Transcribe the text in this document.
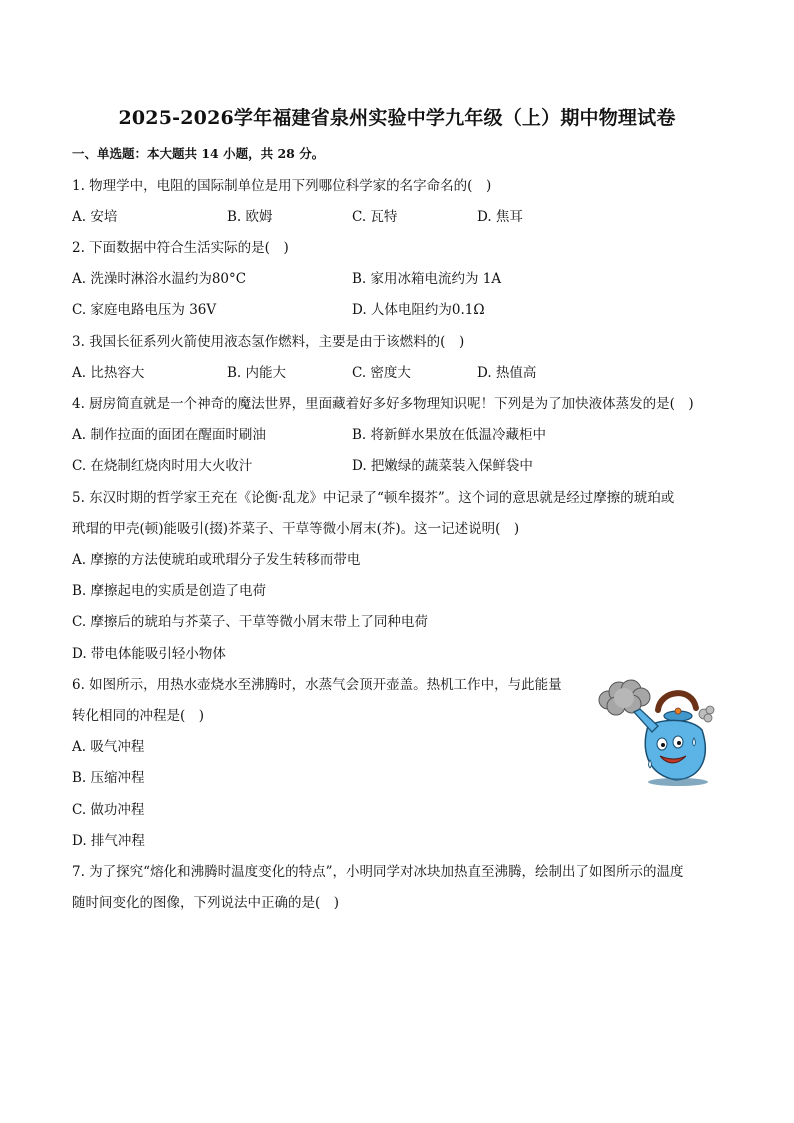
2025-2026学年福建省泉州实验中学九年级（上）期中物理试卷
一、单选题：本大题共 14 小题，共 28 分。
1. 物理学中，电阻的国际制单位是用下列哪位科学家的名字命名的(　)
A. 安培	B. 欧姆	C. 瓦特	D. 焦耳
2. 下面数据中符合生活实际的是(　)
A. 洗澡时淋浴水温约为80°C	B. 家用冰箱电流约为 1A
C. 家庭电路电压为 36V	D. 人体电阻约为0.1Ω
3. 我国长征系列火箭使用液态氢作燃料，主要是由于该燃料的(　)
A. 比热容大	B. 内能大	C. 密度大	D. 热值高
4. 厨房简直就是一个神奇的魔法世界，里面藏着好多好多物理知识呢！下列是为了加快液体蒸发的是(　)
A. 制作拉面的面团在醒面时刷油	B. 将新鲜水果放在低温冷藏柜中
C. 在烧制红烧肉时用大火收汁	D. 把嫩绿的蔬菜装入保鲜袋中
5. 东汉时期的哲学家王充在《论衡·乱龙》中记录了“顿牟掇芥”。这个词的意思就是经过摩擦的琥珀或
玳瑁的甲壳(顿)能吸引(掇)芥菜子、干草等微小屑末(芥)。这一记述说明(　)
A. 摩擦的方法使琥珀或玳瑁分子发生转移而带电
B. 摩擦起电的实质是创造了电荷
C. 摩擦后的琥珀与芥菜子、干草等微小屑末带上了同种电荷
D. 带电体能吸引轻小物体
6. 如图所示，用热水壶烧水至沸腾时，水蒸气会顶开壶盖。热机工作中，与此能量
转化相同的冲程是(　)
A. 吸气冲程
B. 压缩冲程
C. 做功冲程
D. 排气冲程
7. 为了探究“熔化和沸腾时温度变化的特点”，小明同学对冰块加热直至沸腾，绘制出了如图所示的温度
随时间变化的图像，下列说法中正确的是(　)
